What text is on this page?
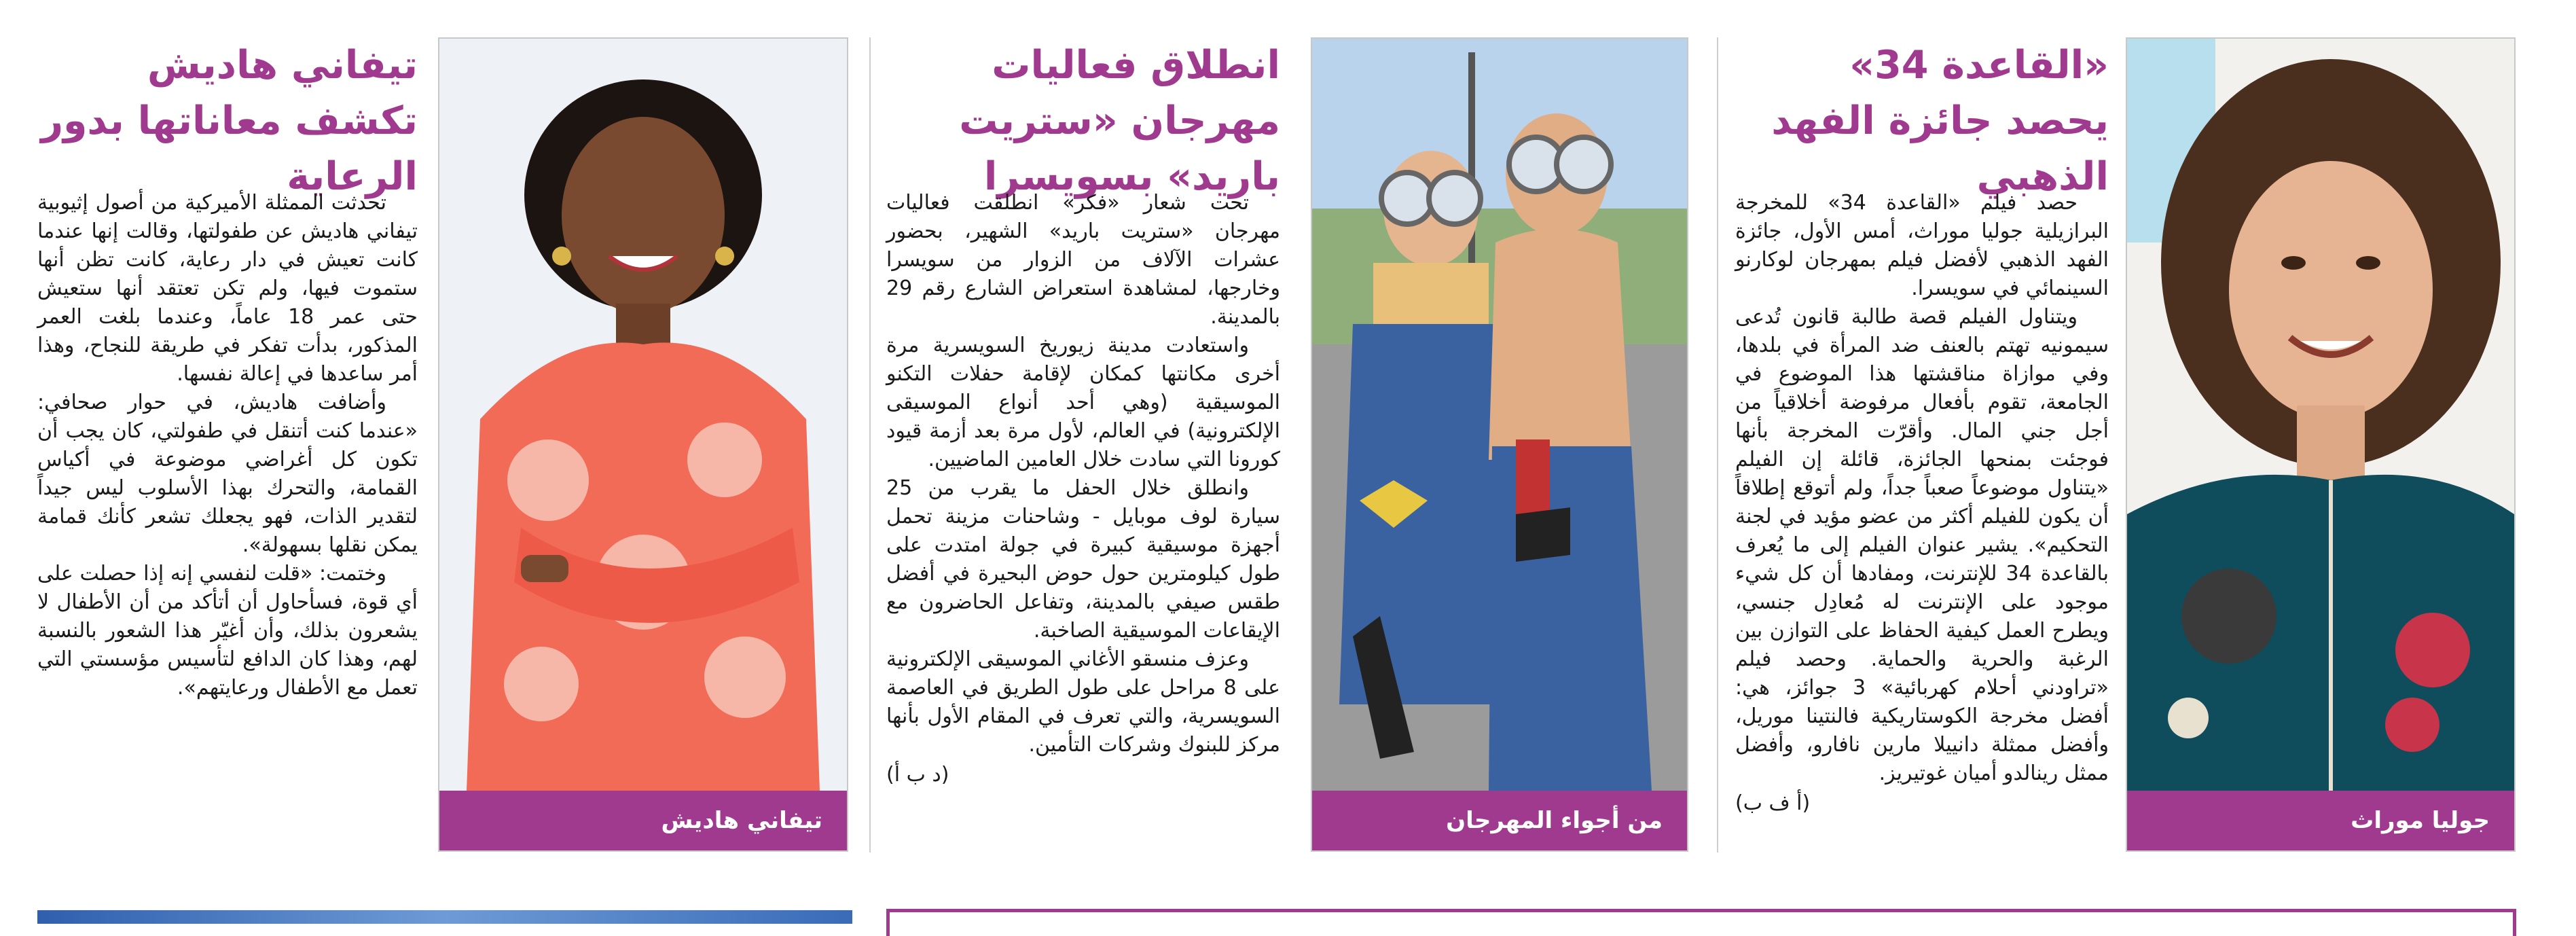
جوليا موراث
«القاعدة 34» يحصد جائزة الفهد الذهبي

حصد فيلم «القاعدة 34» للمخرجة البرازيلية جوليا موراث، أمس الأول، جائزة الفهد الذهبي لأفضل فيلم بمهرجان لوكارنو السينمائي في سويسرا.

ويتناول الفيلم قصة طالبة قانون تُدعى سيمونيه تهتم بالعنف ضد المرأة في بلدها، وفي موازاة مناقشتها هذا الموضوع في الجامعة، تقوم بأفعال مرفوضة أخلاقياً من أجل جني المال. وأقرّت المخرجة بأنها فوجئت بمنحها الجائزة، قائلة إن الفيلم «يتناول موضوعاً صعباً جداً، ولم أتوقع إطلاقاً أن يكون للفيلم أكثر من عضو مؤيد في لجنة التحكيم». يشير عنوان الفيلم إلى ما يُعرف بالقاعدة 34 للإنترنت، ومفادها أن كل شيء موجود على الإنترنت له مُعادِل جنسي، ويطرح العمل كيفية الحفاظ على التوازن بين الرغبة والحرية والحماية. وحصد فيلم «تراودني أحلام كهربائية» 3 جوائز، هي: أفضل مخرجة الكوستاريكية فالنتينا موريل، وأفضل ممثلة دانييلا مارين نافارو، وأفضل ممثل رينالدو أميان غوتيريز.

(أ ف ب)
من أجواء المهرجان
انطلاق فعاليات مهرجان «ستريت باريد» بسويسرا

تحت شعار «فكر» انطلقت فعاليات مهرجان «ستريت باريد» الشهير، بحضور عشرات الآلاف من الزوار من سويسرا وخارجها، لمشاهدة استعراض الشارع رقم 29 بالمدينة.

واستعادت مدينة زيوريخ السويسرية مرة أخرى مكانتها كمكان لإقامة حفلات التكنو الموسيقية (وهي أحد أنواع الموسيقى الإلكترونية) في العالم، لأول مرة بعد أزمة قيود كورونا التي سادت خلال العامين الماضيين.

وانطلق خلال الحفل ما يقرب من 25 سيارة لوف موبايل - وشاحنات مزينة تحمل أجهزة موسيقية كبيرة في جولة امتدت على طول كيلومترين حول حوض البحيرة في أفضل طقس صيفي بالمدينة، وتفاعل الحاضرون مع الإيقاعات الموسيقية الصاخبة.

وعزف منسقو الأغاني الموسيقى الإلكترونية على 8 مراحل على طول الطريق في العاصمة السويسرية، والتي تعرف في المقام الأول بأنها مركز للبنوك وشركات التأمين.

(د ب أ)
تيفاني هاديش
تيفاني هاديش تكشف معاناتها بدور الرعاية

تحدثت الممثلة الأميركية من أصول إثيوبية تيفاني هاديش عن طفولتها، وقالت إنها عندما كانت تعيش في دار رعاية، كانت تظن أنها ستموت فيها، ولم تكن تعتقد أنها ستعيش حتى عمر 18 عاماً، وعندما بلغت العمر المذكور، بدأت تفكر في طريقة للنجاح، وهذا أمر ساعدها في إعالة نفسها.

وأضافت هاديش، في حوار صحافي: «عندما كنت أتنقل في طفولتي، كان يجب أن تكون كل أغراضي موضوعة في أكياس القمامة، والتحرك بهذا الأسلوب ليس جيداً لتقدير الذات، فهو يجعلك تشعر كأنك قمامة يمكن نقلها بسهولة».

وختمت: «قلت لنفسي إنه إذا حصلت على أي قوة، فسأحاول أن أتأكد من أن الأطفال لا يشعرون بذلك، وأن أغيّر هذا الشعور بالنسبة لهم، وهذا كان الدافع لتأسيس مؤسستي التي تعمل مع الأطفال ورعايتهم».
